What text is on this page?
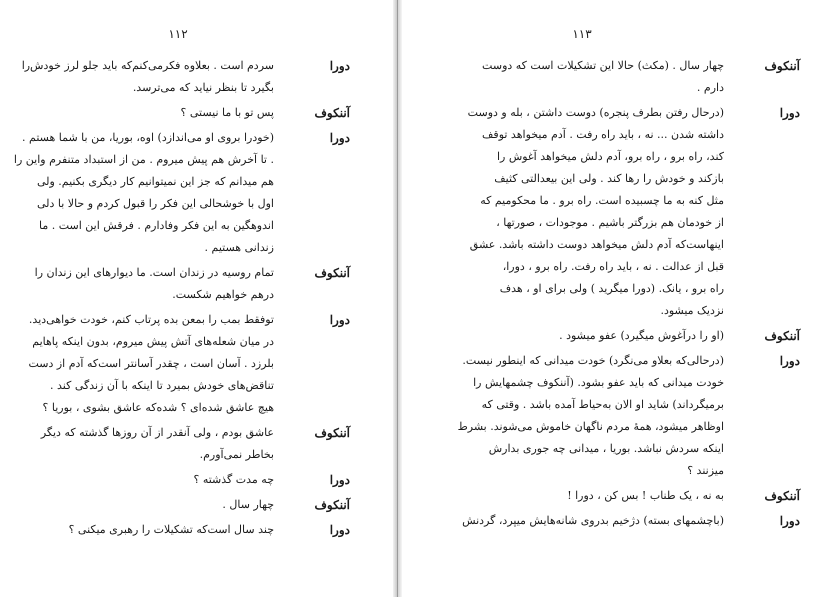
۱۱۲
دورا
سردم است . بعلاوه فکرمی‌کنم‌که باید جلو لرز خودش‌را
بگیرد تا بنظر نیاید که می‌ترسد.
آننکوف
پس تو با ما نیستی ؟
دورا
(خودرا بروی او می‌اندازد) اوه، بوریا، من با شما هستم .
. تا آخرش هم پیش میروم . من از استبداد متنفرم واین را
هم میدانم که جز این نمیتوانیم کار دیگری بکنیم. ولی
اول با خوشحالی این فکر را قبول کردم و حالا با دلی
اندوهگین به این فکر وفادارم . فرقش این است . ما
زندانی هستیم .
آننکوف
تمام روسیه در زندان است. ما دیوارهای این زندان را
درهم خواهیم شکست.
دورا
توفقط بمب را بمعن بده پرتاب کنم، خودت خواهی‌دید.
در میان شعله‌های آتش پیش میروم، بدون اینکه پاهایم
بلرزد . آسان است ، چقدر آسانتر است‌که آدم از دست
تناقض‌های خودش بمیرد تا اینکه با آن زندگی کند .
هیچ عاشق شده‌ای ؟ شده‌که عاشق بشوی ، بوریا ؟
آننکوف
عاشق بودم ، ولی آنقدر از آن روزها گذشته که دیگر
بخاطر نمی‌آورم.
دورا
چه مدت گذشته ؟
آننکوف
چهار سال .
دورا
چند سال است‌که تشکیلات را رهبری میکنی ؟
۱۱۳
آننکوف
چهار سال . (مکث) حالا این تشکیلات است که دوست
دارم .
دورا
(درحال رفتن بطرف پنجره) دوست داشتن ، بله و دوست
داشته شدن ... نه ، باید راه رفت . آدم میخواهد توقف
کند، راه برو ، راه برو، آدم دلش میخواهد آغوش را
بازکند و خودش را رها کند . ولی این بیعدالتی کثیف
مثل کنه به ما چسبیده است. راه برو . ما محکومیم که
از خودمان هم بزرگتر باشیم . موجودات ، صورتها ،
اینهاست‌که آدم دلش میخواهد دوست داشته باشد. عشق
قبل از عدالت . نه ، باید راه رفت. راه برو ، دورا،
راه برو ، یانک. (دورا میگرید ) ولی برای او ، هدف
نزدیک میشود.
آننکوف
(او را درآغوش میگیرد) عفو میشود .
دورا
(درحالی‌که بعلاو می‌نگرد) خودت میدانی که اینطور نیست.
خودت میدانی که باید عفو بشود. (آننکوف چشمهایش را
برمیگرداند) شاید او الان به‌حیاط آمده باشد . وقتی که
اوظاهر میشود، همهٔ مردم ناگهان خاموش می‌شوند. بشرط
اینکه سردش نباشد. بوریا ، میدانی چه جوری بدارش
میزنند ؟
آننکوف
به نه ، یک طناب ! بس کن ، دورا !
دورا
(باچشمهای بسته) دژخیم بدروی شانه‌هایش میپرد، گردنش
